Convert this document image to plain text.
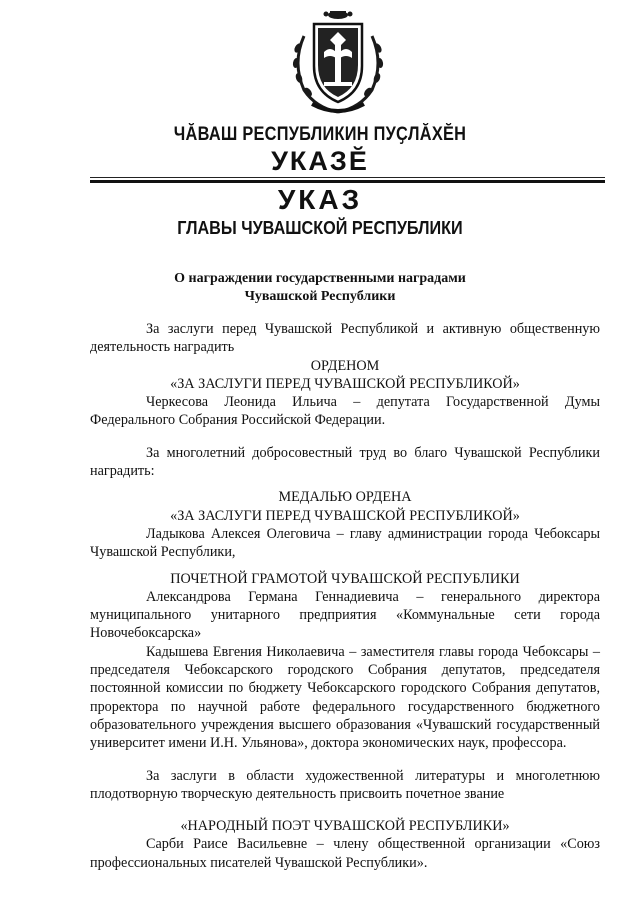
ЧĂВАШ РЕСПУБЛИКИН ПУҪЛĂХĔН
УКАЗĔ
УКАЗ
ГЛАВЫ ЧУВАШСКОЙ РЕСПУБЛИКИ
О награждении государственными наградами
Чувашской Республики

За заслуги перед Чувашской Республикой и активную общественную деятельность наградить

ОРДЕНОМ

«ЗА ЗАСЛУГИ ПЕРЕД ЧУВАШСКОЙ РЕСПУБЛИКОЙ»

Черкесова Леонида Ильича – депутата Государственной Думы Федерального Собрания Российской Федерации.

За многолетний добросовестный труд во благо Чувашской Республики наградить:

МЕДАЛЬЮ ОРДЕНА

«ЗА ЗАСЛУГИ ПЕРЕД ЧУВАШСКОЙ РЕСПУБЛИКОЙ»

Ладыкова Алексея Олеговича – главу администрации города Чебоксары Чувашской Республики,

ПОЧЕТНОЙ ГРАМОТОЙ ЧУВАШСКОЙ РЕСПУБЛИКИ

Александрова Германа Геннадиевича – генерального директора муниципального унитарного предприятия «Коммунальные сети города Новочебоксарска»

Кадышева Евгения Николаевича – заместителя главы города Чебоксары – председателя Чебоксарского городского Собрания депутатов, председателя постоянной комиссии по бюджету Чебоксарского городского Собрания депутатов, проректора по научной работе федерального государственного бюджетного образовательного учреждения высшего образования «Чувашский государственный университет имени И.Н. Ульянова», доктора экономических наук, профессора.

За заслуги в области художественной литературы и многолетнюю плодотворную творческую деятельность присвоить почетное звание

«НАРОДНЫЙ ПОЭТ ЧУВАШСКОЙ РЕСПУБЛИКИ»

Сарби Раисе Васильевне – члену общественной организации «Союз профессиональных писателей Чувашской Республики».
